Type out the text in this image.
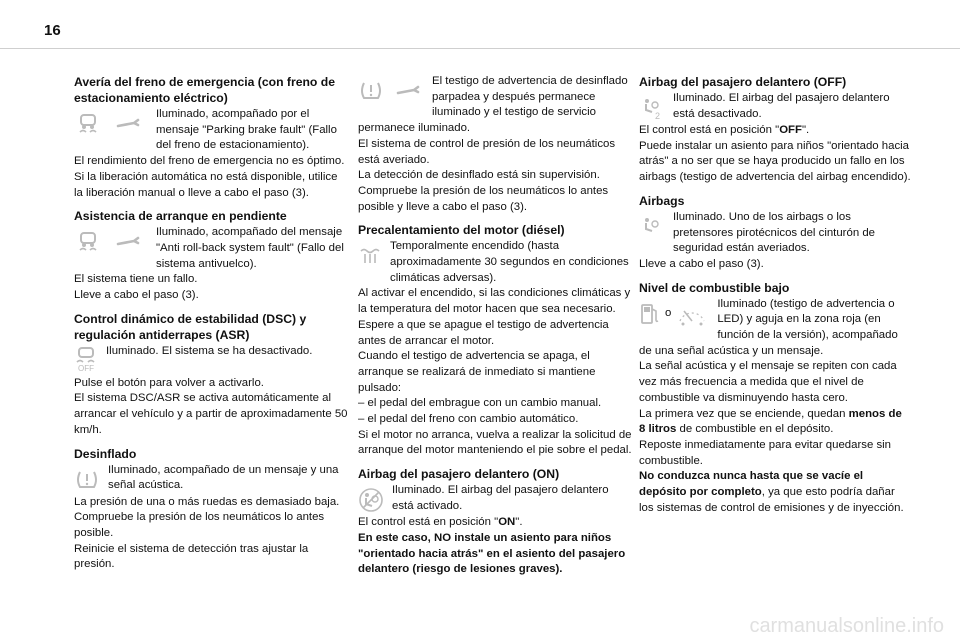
16
Avería del freno de emergencia (con freno de estacionamiento eléctrico)

Iluminado, acompañado por el mensaje "Parking brake fault" (Fallo del freno de estacionamiento).

El rendimiento del freno de emergencia no es óptimo.

Si la liberación automática no está disponible, utilice la liberación manual o lleve a cabo el paso (3).

Asistencia de arranque en pendiente

Iluminado, acompañado del mensaje "Anti roll-back system fault" (Fallo del sistema antivuelco).

El sistema tiene un fallo.

Lleve a cabo el paso (3).

Control dinámico de estabilidad (DSC) y regulación antiderrapes (ASR)
OFF

Iluminado. El sistema se ha desactivado.

Pulse el botón para volver a activarlo.

El sistema DSC/ASR se activa automáticamente al arrancar el vehículo y a partir de aproximadamente 50 km/h.

Desinflado

Iluminado, acompañado de un mensaje y una señal acústica.

La presión de una o más ruedas es demasiado baja.

Compruebe la presión de los neumáticos lo antes posible.

Reinicie el sistema de detección tras ajustar la presión.

El testigo de advertencia de desinflado parpadea y después permanece iluminado y el testigo de servicio permanece iluminado.

El sistema de control de presión de los neumáticos está averiado.

La detección de desinflado está sin supervisión. Compruebe la presión de los neumáticos lo antes posible y lleve a cabo el paso (3).

Precalentamiento del motor (diésel)

Temporalmente encendido (hasta aproximadamente 30 segundos en condiciones climáticas adversas).

Al activar el encendido, si las condiciones climáticas y la temperatura del motor hacen que sea necesario. Espere a que se apague el testigo de advertencia antes de arrancar el motor.

Cuando el testigo de advertencia se apaga, el arranque se realizará de inmediato si mantiene pulsado:

– el pedal del embrague con un cambio manual.

– el pedal del freno con cambio automático.

Si el motor no arranca, vuelva a realizar la solicitud de arranque del motor manteniendo el pie sobre el pedal.

Airbag del pasajero delantero (ON)

Iluminado. El airbag del pasajero delantero está activado.

El control está en posición "ON".

En este caso, NO instale un asiento para niños "orientado hacia atrás" en el asiento del pasajero delantero (riesgo de lesiones graves).

Airbag del pasajero delantero (OFF)
2

Iluminado. El airbag del pasajero delantero está desactivado.

El control está en posición "OFF".

Puede instalar un asiento para niños "orientado hacia atrás" a no ser que se haya producido un fallo en los airbags (testigo de advertencia del airbag encendido).

Airbags

Iluminado. Uno de los airbags o los pretensores pirotécnicos del cinturón de seguridad están averiados.

Lleve a cabo el paso (3).

Nivel de combustible bajo
o

Iluminado (testigo de advertencia o LED) y aguja en la zona roja (en función de la versión), acompañado de una señal acústica y un mensaje.

La señal acústica y el mensaje se repiten con cada vez más frecuencia a medida que el nivel de combustible va disminuyendo hasta cero.

La primera vez que se enciende, quedan menos de 8 litros de combustible en el depósito.

Reposte inmediatamente para evitar quedarse sin combustible.

No conduzca nunca hasta que se vacíe el depósito por completo, ya que esto podría dañar los sistemas de control de emisiones y de inyección.

carmanualsonline.info
